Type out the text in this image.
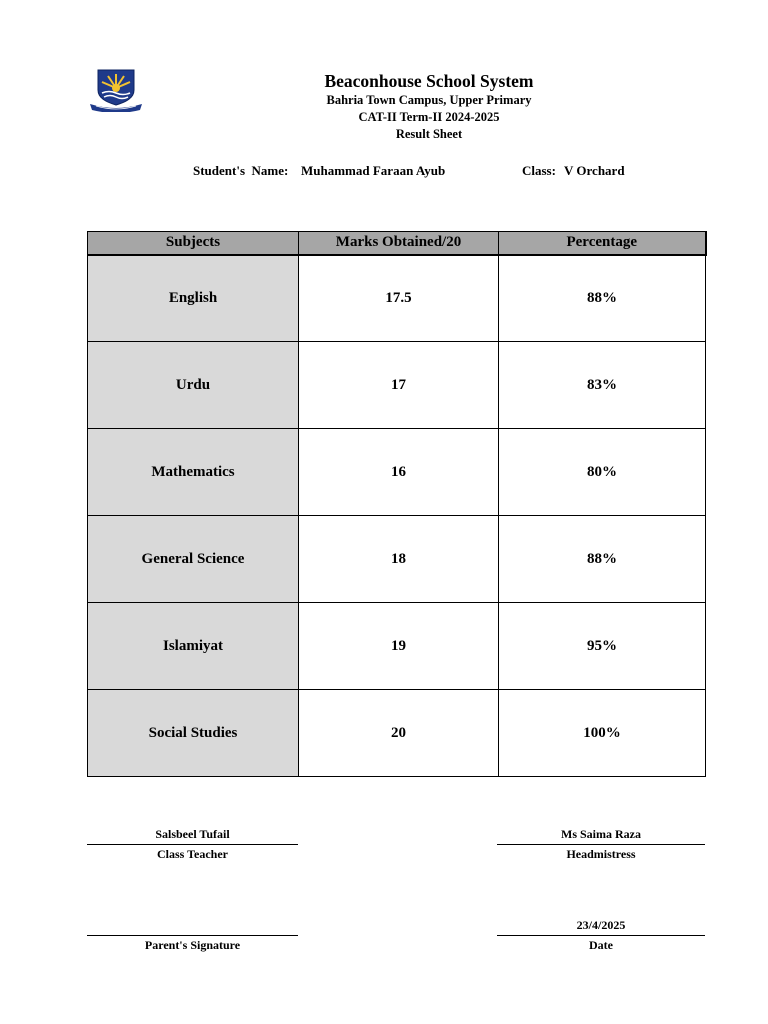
Beaconhouse School System
Bahria Town Campus, Upper Primary
CAT-II Term-II 2024-2025
Result Sheet
Student's  Name: Muhammad Faraan Ayub	Class: V Orchard
Subjects	Marks Obtained/20	Percentage
English	17.5	88%
Urdu	17	83%
Mathematics	16	80%
General Science	18	88%
Islamiyat	19	95%
Social Studies	20	100%
Salsbeel Tufail
Class Teacher
Ms Saima Raza
Headmistress
Parent's Signature
23/4/2025
Date
